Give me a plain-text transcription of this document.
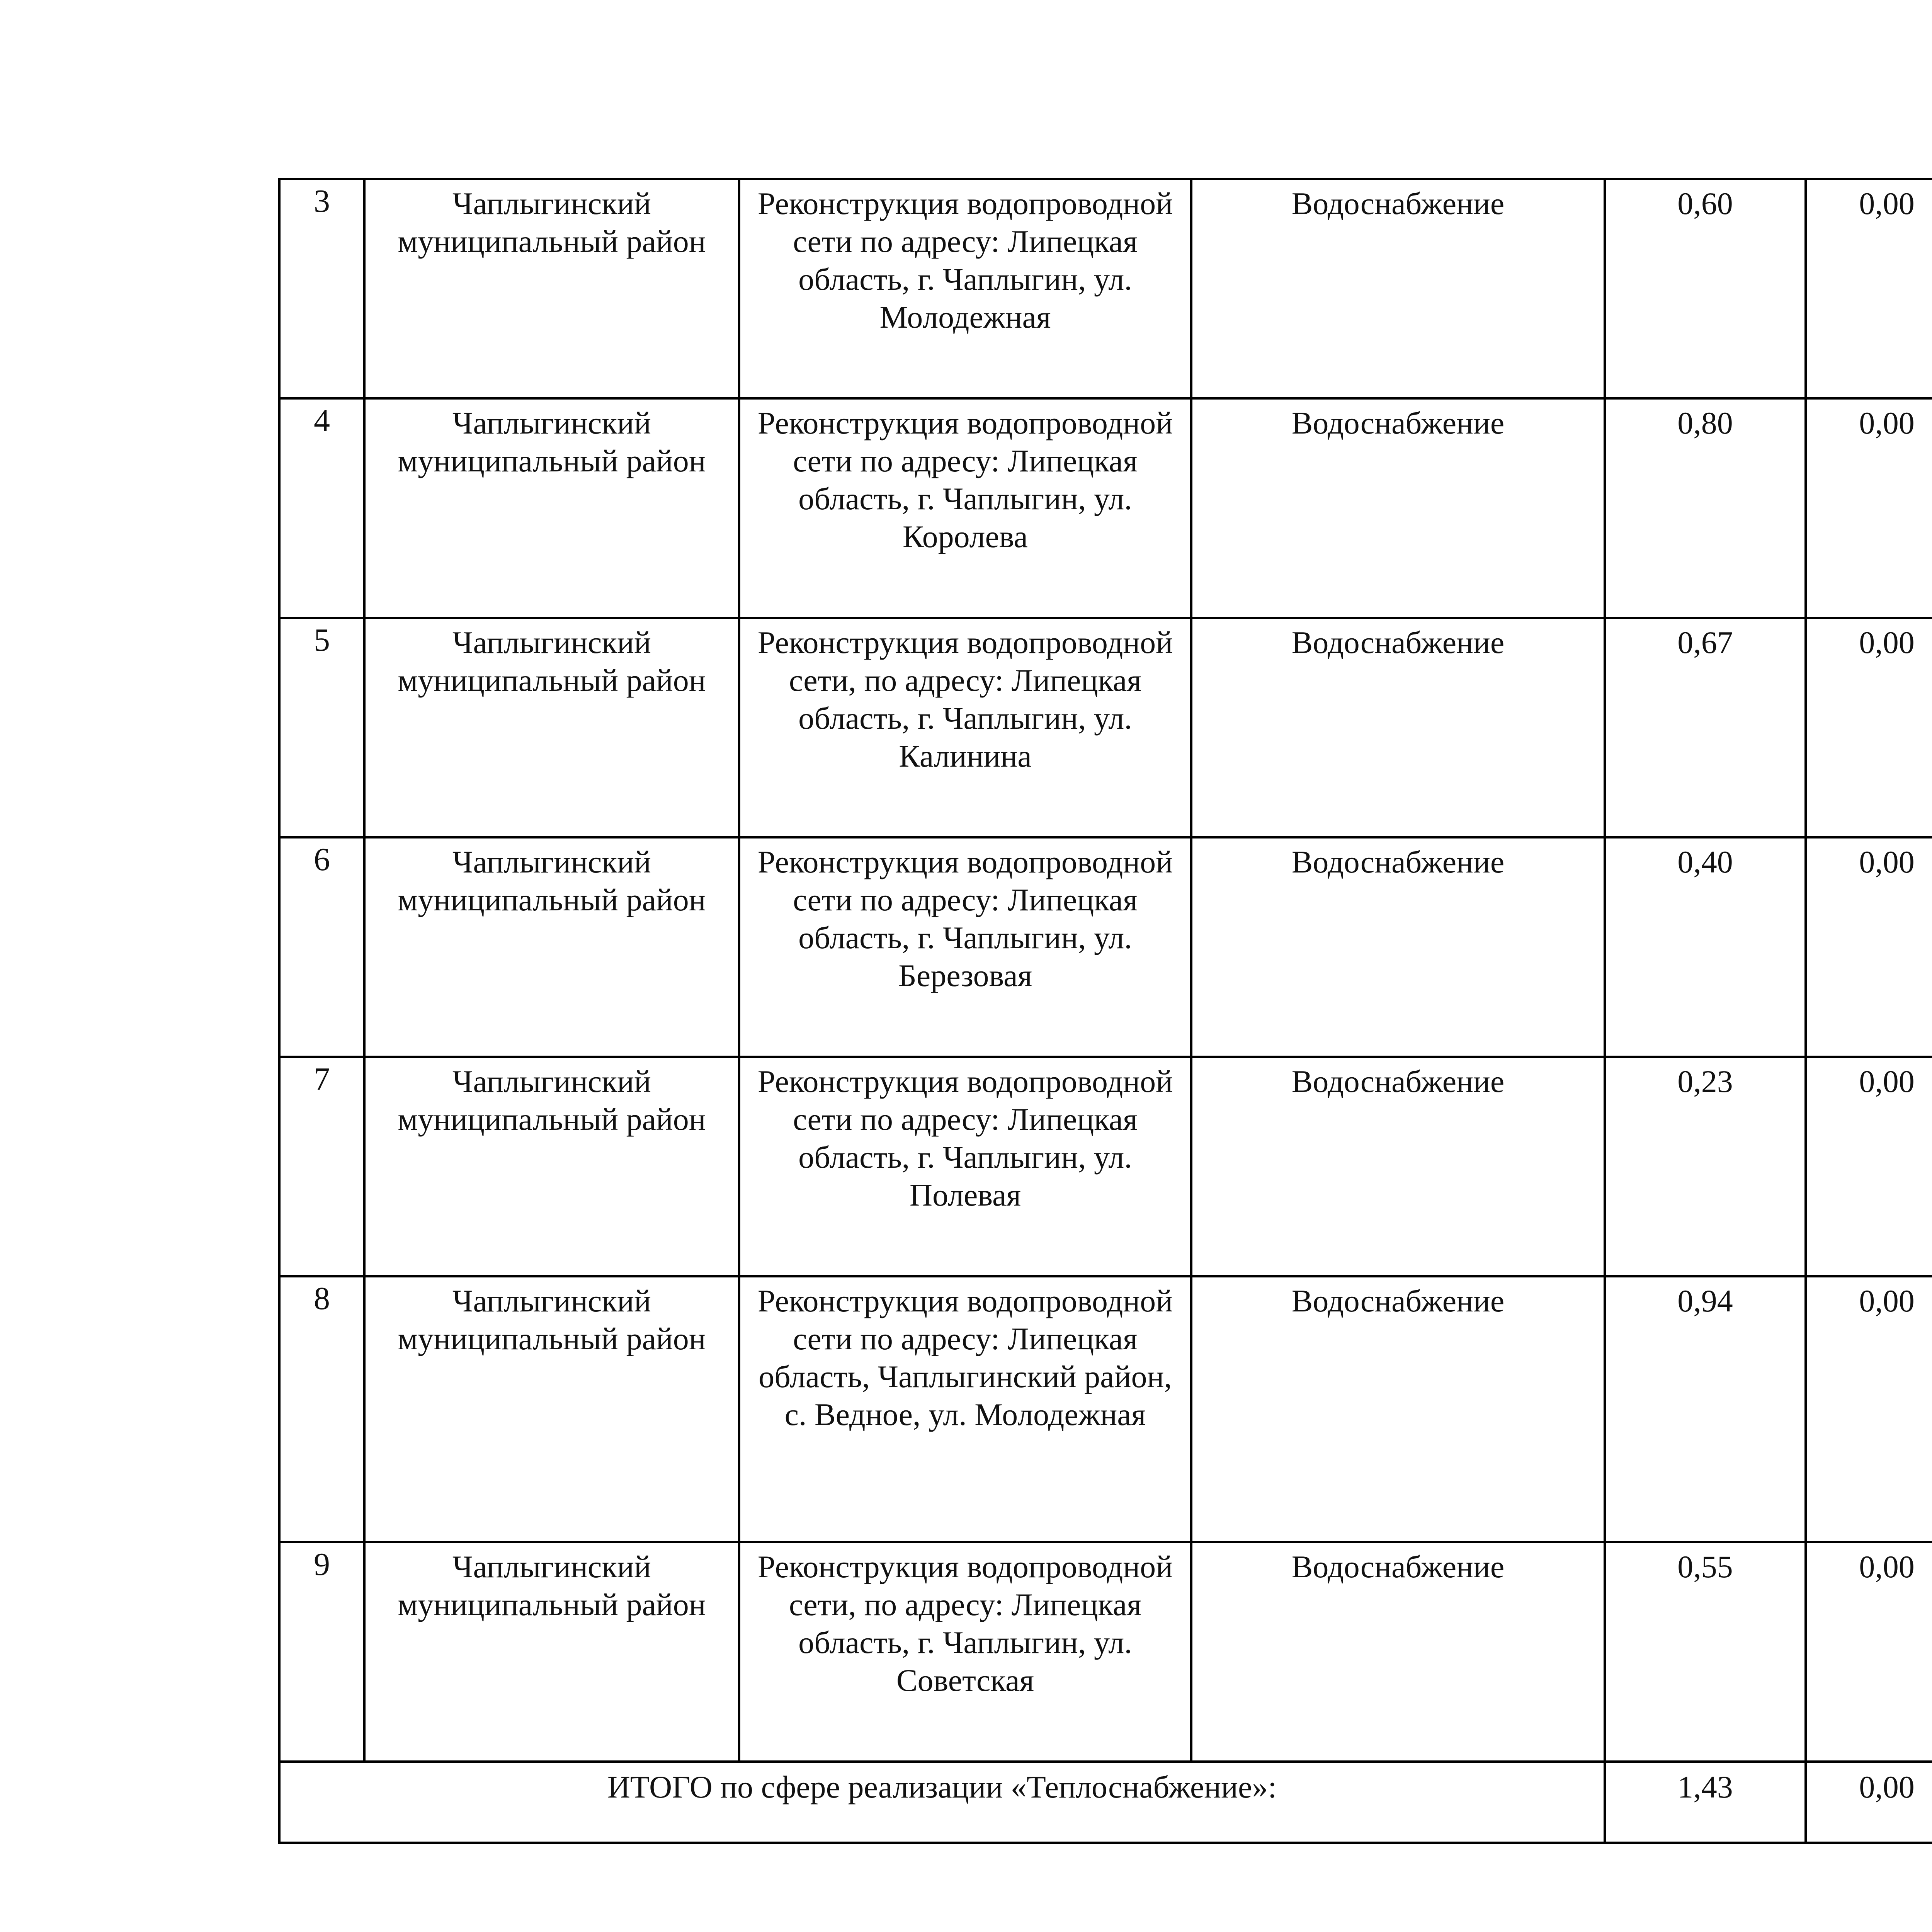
3	Чаплыгинский муниципальный район	Реконструкция водопроводной сети по адресу: Липецкая область, г. Чаплыгин, ул. Молодежная	Водоснабжение	0,60	0,00				
4	Чаплыгинский муниципальный район	Реконструкция водопроводной сети по адресу: Липецкая область, г. Чаплыгин, ул. Королева	Водоснабжение	0,80	0,00				
5	Чаплыгинский муниципальный район	Реконструкция водопроводной сети, по адресу: Липецкая область, г. Чаплыгин, ул. Калинина	Водоснабжение	0,67	0,00				
6	Чаплыгинский муниципальный район	Реконструкция водопроводной сети по адресу: Липецкая область, г. Чаплыгин, ул. Березовая	Водоснабжение	0,40	0,00				
7	Чаплыгинский муниципальный район	Реконструкция водопроводной сети по адресу: Липецкая область, г. Чаплыгин, ул. Полевая	Водоснабжение	0,23	0,00				
8	Чаплыгинский муниципальный район	Реконструкция водопроводной сети по адресу: Липецкая область, Чаплыгинский район, с. Ведное, ул. Молодежная	Водоснабжение	0,94	0,00				
9	Чаплыгинский муниципальный район	Реконструкция водопроводной сети, по адресу: Липецкая область, г. Чаплыгин, ул. Советская	Водоснабжение	0,55	0,00				
ИТОГО по сфере реализации «Теплоснабжение»:				1,43	0,00				
